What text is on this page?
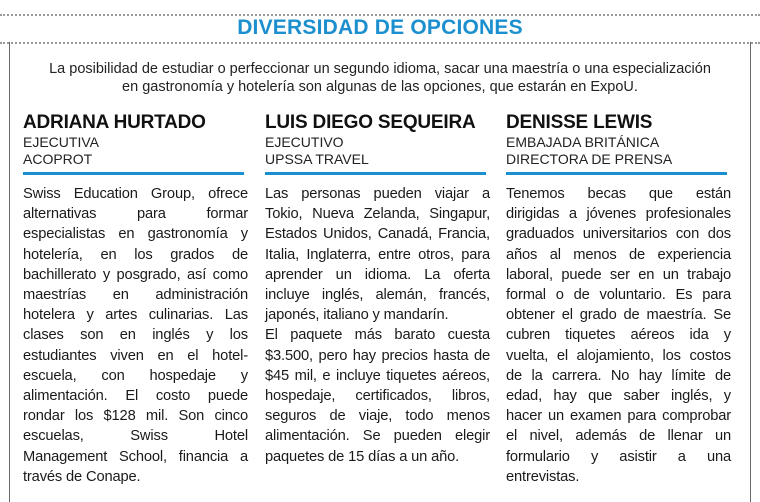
DIVERSIDAD DE OPCIONES
La posibilidad de estudiar o perfeccionar un segundo idioma, sacar una maestría o una especialización en gastronomía y hotelería son algunas de las opciones, que estarán en ExpoU.
ADRIANA HURTADO
EJECUTIVA
ACOPROT

Swiss Education Group, ofrece alternativas para formar especialistas en gastronomía y hotelería, en los grados de bachillerato y posgrado, así como maestrías en administración hotelera y artes culinarias. Las clases son en inglés y los estudiantes viven en el hotel-escuela, con hospedaje y alimentación. El costo puede rondar los $128 mil. Son cinco escuelas, Swiss Hotel Management School, financia a través de Conape.

LUIS DIEGO SEQUEIRA
EJECUTIVO
UPSSA TRAVEL

Las personas pueden viajar a Tokio, Nueva Zelanda, Singapur, Estados Unidos, Canadá, Francia, Italia, Inglaterra, entre otros, para aprender un idioma. La oferta incluye inglés, alemán, francés, japonés, italiano y mandarín.

El paquete más barato cuesta $3.500, pero hay precios hasta de $45 mil, e incluye tiquetes aéreos, hospedaje, certificados, libros, seguros de viaje, todo menos alimentación. Se pueden elegir paquetes de 15 días a un año.

DENISSE LEWIS
EMBAJADA BRITÁNICA
DIRECTORA DE PRENSA

Tenemos becas que están dirigidas a jóvenes profesionales graduados universitarios con dos años al menos de experiencia laboral, puede ser en un trabajo formal o de voluntario. Es para obtener el grado de maestría. Se cubren tiquetes aéreos ida y vuelta, el alojamiento, los costos de la carrera. No hay límite de edad, hay que saber inglés, y hacer un examen para comprobar el nivel, además de llenar un formulario y asistir a una entrevistas.
